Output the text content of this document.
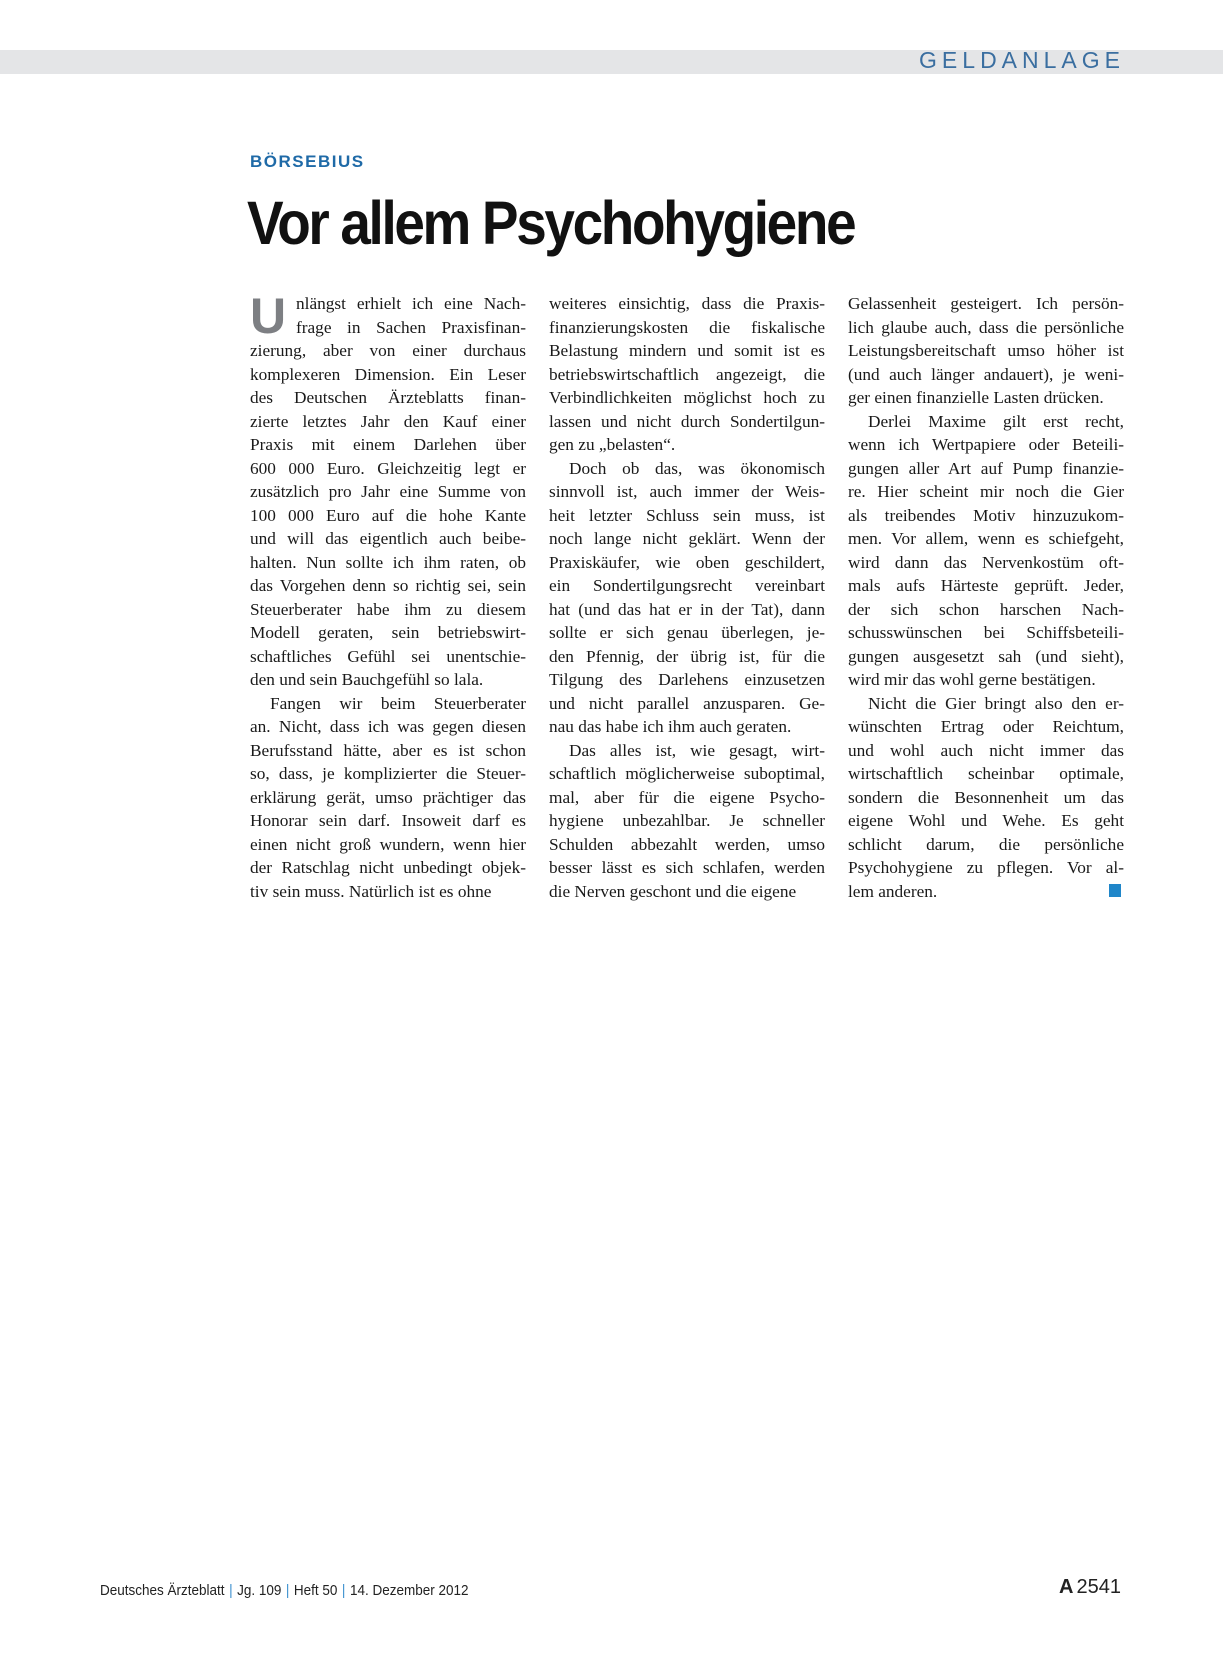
GELDANLAGE
BÖRSEBIUS
Vor allem Psychohygiene
U nlängst erhielt ich eine Nach-
frage in Sachen Praxisfinan-
zierung, aber von einer durchaus
komplexeren Dimension. Ein Leser
des Deutschen Ärzteblatts finan-
zierte letztes Jahr den Kauf einer
Praxis mit einem Darlehen über
600 000 Euro. Gleichzeitig legt er
zusätzlich pro Jahr eine Summe von
100 000 Euro auf die hohe Kante
und will das eigentlich auch beibe-
halten. Nun sollte ich ihm raten, ob
das Vorgehen denn so richtig sei, sein
Steuerberater habe ihm zu diesem
Modell geraten, sein betriebswirt-
schaftliches Gefühl sei unentschie-
den und sein Bauchgefühl so lala.
Fangen wir beim Steuerberater
an. Nicht, dass ich was gegen diesen
Berufsstand hätte, aber es ist schon
so, dass, je komplizierter die Steuer-
erklärung gerät, umso prächtiger das
Honorar sein darf. Insoweit darf es
einen nicht groß wundern, wenn hier
der Ratschlag nicht unbedingt objek-
tiv sein muss. Natürlich ist es ohne
weiteres einsichtig, dass die Praxis-
finanzierungskosten die fiskalische
Belastung mindern und somit ist es
betriebswirtschaftlich angezeigt, die
Verbindlichkeiten möglichst hoch zu
lassen und nicht durch Sondertilgun-
gen zu „belasten“.
Doch ob das, was ökonomisch
sinnvoll ist, auch immer der Weis-
heit letzter Schluss sein muss, ist
noch lange nicht geklärt. Wenn der
Praxiskäufer, wie oben geschildert,
ein Sondertilgungsrecht vereinbart
hat (und das hat er in der Tat), dann
sollte er sich genau überlegen, je-
den Pfennig, der übrig ist, für die
Tilgung des Darlehens einzusetzen
und nicht parallel anzusparen. Ge-
nau das habe ich ihm auch geraten.
Das alles ist, wie gesagt, wirt-
schaftlich möglicherweise suboptimal,
mal, aber für die eigene Psycho-
hygiene unbezahlbar. Je schneller
Schulden abbezahlt werden, umso
besser lässt es sich schlafen, werden
die Nerven geschont und die eigene
Gelassenheit gesteigert. Ich persön-
lich glaube auch, dass die persönliche
Leistungsbereitschaft umso höher ist
(und auch länger andauert), je weni-
ger einen finanzielle Lasten drücken.
Derlei Maxime gilt erst recht,
wenn ich Wertpapiere oder Beteili-
gungen aller Art auf Pump finanzie-
re. Hier scheint mir noch die Gier
als treibendes Motiv hinzuzukom-
men. Vor allem, wenn es schiefgeht,
wird dann das Nervenkostüm oft-
mals aufs Härteste geprüft. Jeder,
der sich schon harschen Nach-
schusswünschen bei Schiffsbeteili-
gungen ausgesetzt sah (und sieht),
wird mir das wohl gerne bestätigen.
Nicht die Gier bringt also den er-
wünschten Ertrag oder Reichtum,
und wohl auch nicht immer das
wirtschaftlich scheinbar optimale,
sondern die Besonnenheit um das
eigene Wohl und Wehe. Es geht
schlicht darum, die persönliche
Psychohygiene zu pflegen. Vor al-
lem anderen.
Deutsches Ärzteblatt | Jg. 109 | Heft 50 | 14. Dezember 2012	A 2541
